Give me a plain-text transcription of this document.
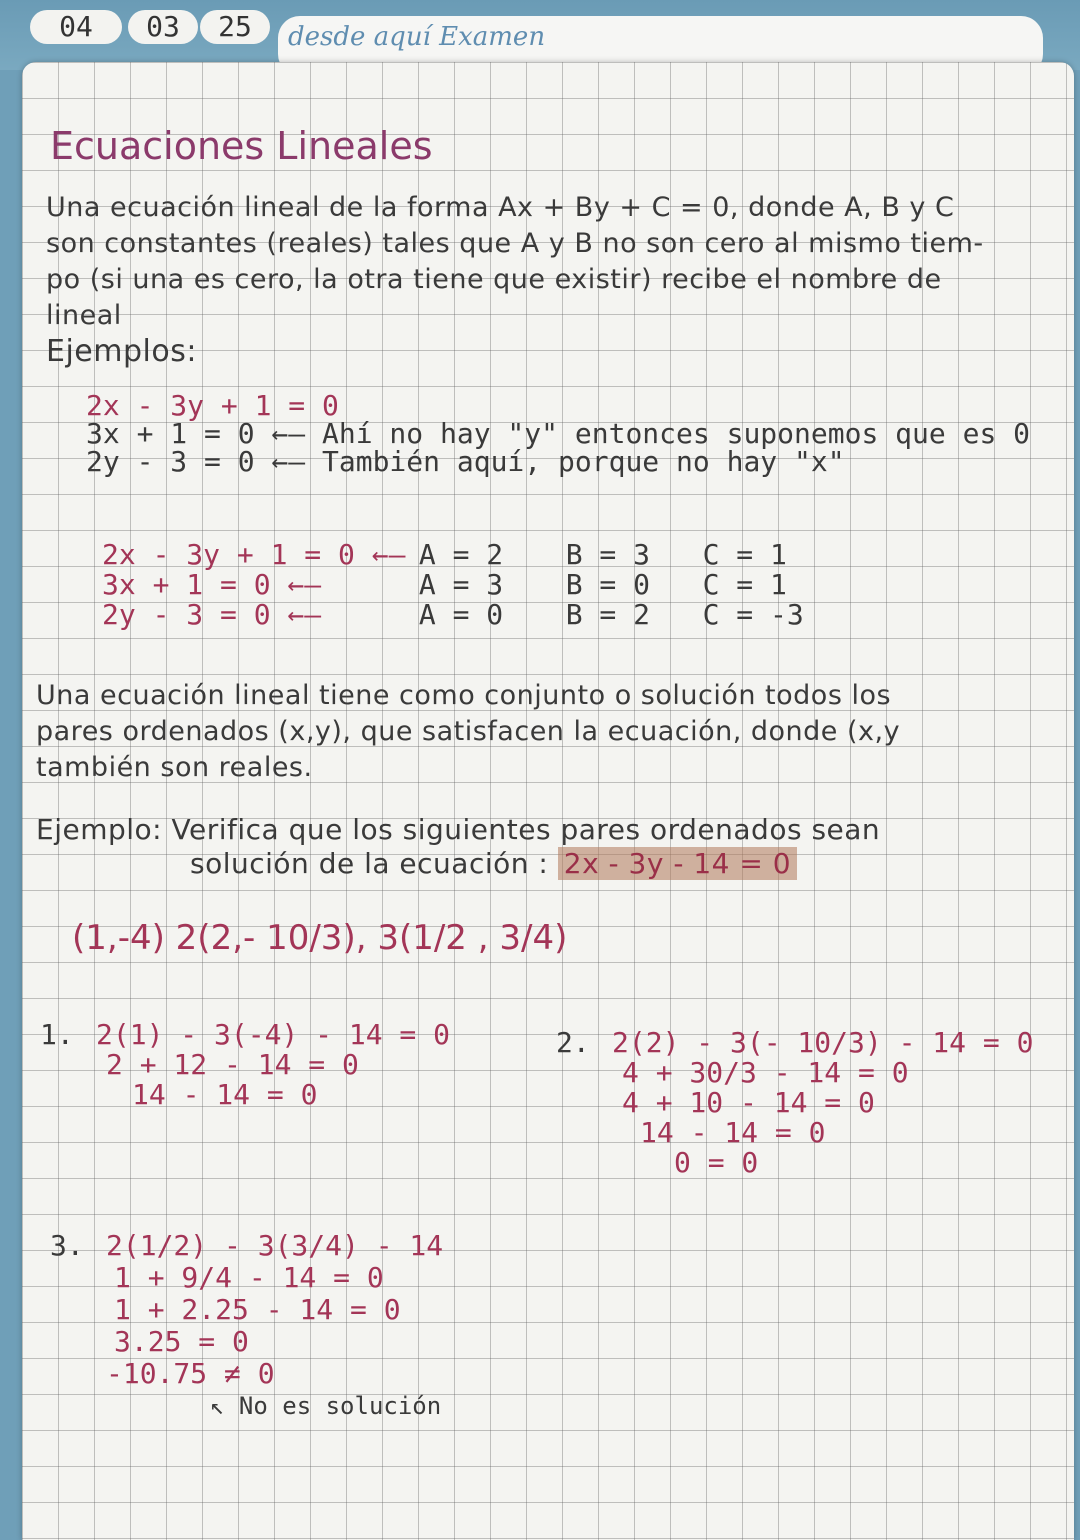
04	03	25	desde aquí Examen
Ecuaciones Lineales
Una ecuación lineal de la forma Ax + By + C = 0, donde A, B y C
son constantes (reales) tales que A y B no son cero al mismo tiem-
po (si una es cero, la otra tiene que existir) recibe el nombre de
lineal
Ejemplos:
2x - 3y + 1 = 0
3x + 1 = 0 ←— Ahí no hay "y" entonces suponemos que es 0
2y - 3 = 0 ←— También aquí, porque no hay "x"
2x - 3y + 1 = 0 ←— A = 2 B = 3 C = 1
3x + 1 = 0 ←—	A = 3 B = 0 C = 1
2y - 3 = 0 ←—	A = 0 B = 2 C = -3
Una ecuación lineal tiene como conjunto o solución todos los
pares ordenados (x,y), que satisfacen la ecuación, donde (x,y
también son reales.
Ejemplo: Verifica que los siguientes pares ordenados sean
solución de la ecuación : 2x - 3y - 14 = 0
(1,-4) 2(2,- 10/3), 3(1/2 , 3/4)
1. 2(1) - 3(-4) - 14 = 0
2 + 12 - 14 = 0
14 - 14 = 0
2. 2(2) - 3(- 10/3) - 14 = 0
4 + 30/3 - 14 = 0
4 + 10 - 14 = 0
14 - 14 = 0
0 = 0
3. 2(1/2) - 3(3/4) - 14
1 + 9/4 - 14 = 0
1 + 2.25 - 14 = 0
3.25 = 0
-10.75 ≠ 0
↖ No es solución
